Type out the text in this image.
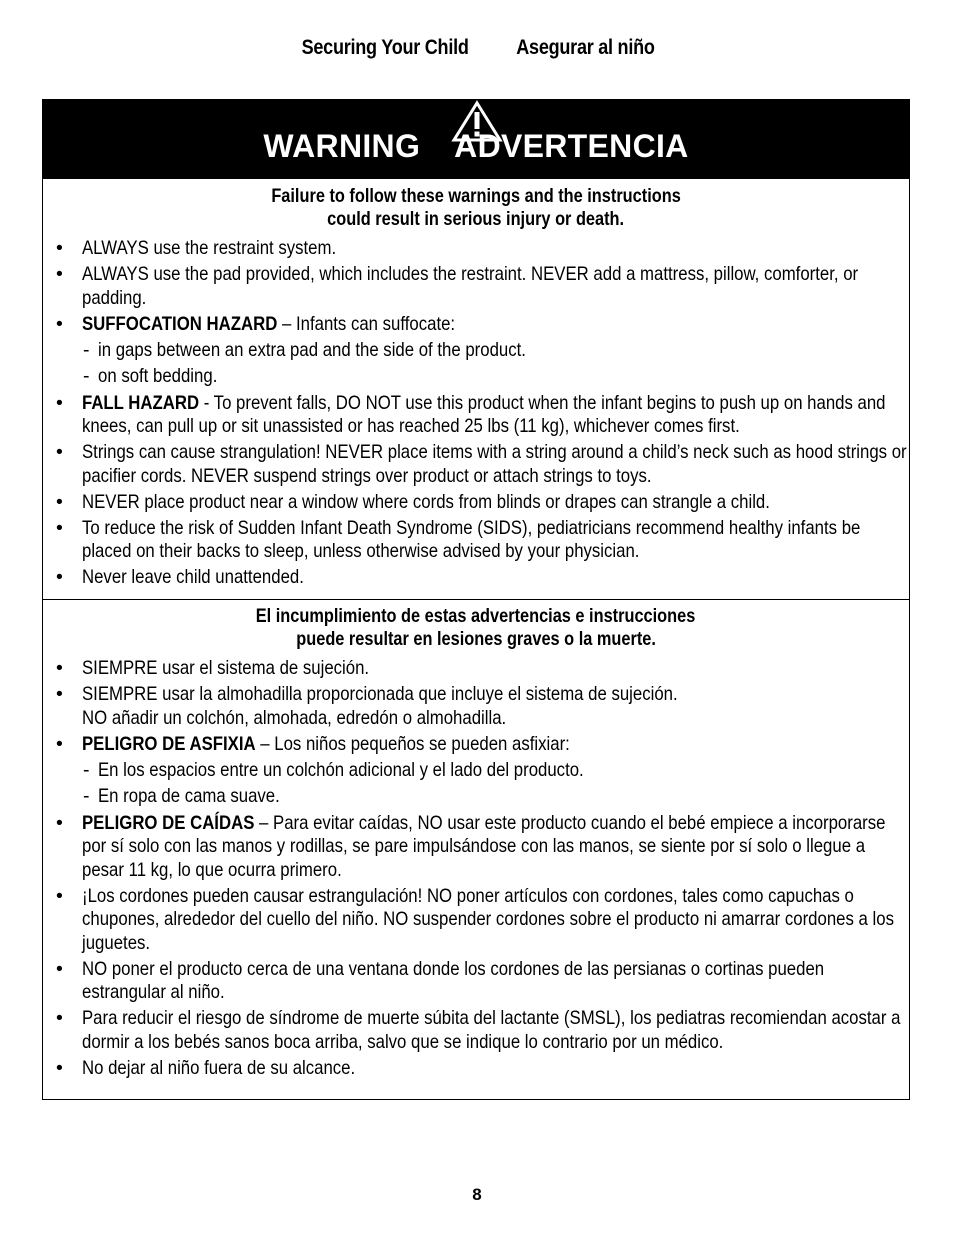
Securing Your Child Asegurar al niño
WARNING ADVERTENCIA
Failure to follow these warnings and the instructions
could result in serious injury or death.
• ALWAYS use the restraint system.
• ALWAYS use the pad provided, which includes the restraint. NEVER add a mattress, pillow, comforter, or padding.
• SUFFOCATION HAZARD – Infants can suffocate:
- in gaps between an extra pad and the side of the product.
- on soft bedding.
• FALL HAZARD - To prevent falls, DO NOT use this product when the infant begins to push up on hands and knees, can pull up or sit unassisted or has reached 25 lbs (11 kg), whichever comes first.
• Strings can cause strangulation! NEVER place items with a string around a child’s neck such as hood strings or pacifier cords. NEVER suspend strings over product or attach strings to toys.
• NEVER place product near a window where cords from blinds or drapes can strangle a child.
• To reduce the risk of Sudden Infant Death Syndrome (SIDS), pediatricians recommend healthy infants be placed on their backs to sleep, unless otherwise advised by your physician.
• Never leave child unattended.
El incumplimiento de estas advertencias e instrucciones
puede resultar en lesiones graves o la muerte.
• SIEMPRE usar el sistema de sujeción.
• SIEMPRE usar la almohadilla proporcionada que incluye el sistema de sujeción.
NO añadir un colchón, almohada, edredón o almohadilla.
• PELIGRO DE ASFIXIA – Los niños pequeños se pueden asfixiar:
- En los espacios entre un colchón adicional y el lado del producto.
- En ropa de cama suave.
• PELIGRO DE CAÍDAS – Para evitar caídas, NO usar este producto cuando el bebé empiece a incorporarse por sí solo con las manos y rodillas, se pare impulsándose con las manos, se siente por sí solo o llegue a pesar 11 kg, lo que ocurra primero.
• ¡Los cordones pueden causar estrangulación! NO poner artículos con cordones, tales como capuchas o chupones, alrededor del cuello del niño. NO suspender cordones sobre el producto ni amarrar cordones a los juguetes.
• NO poner el producto cerca de una ventana donde los cordones de las persianas o cortinas pueden estrangular al niño.
• Para reducir el riesgo de síndrome de muerte súbita del lactante (SMSL), los pediatras recomiendan acostar a dormir a los bebés sanos boca arriba, salvo que se indique lo contrario por un médico.
• No dejar al niño fuera de su alcance.
8
